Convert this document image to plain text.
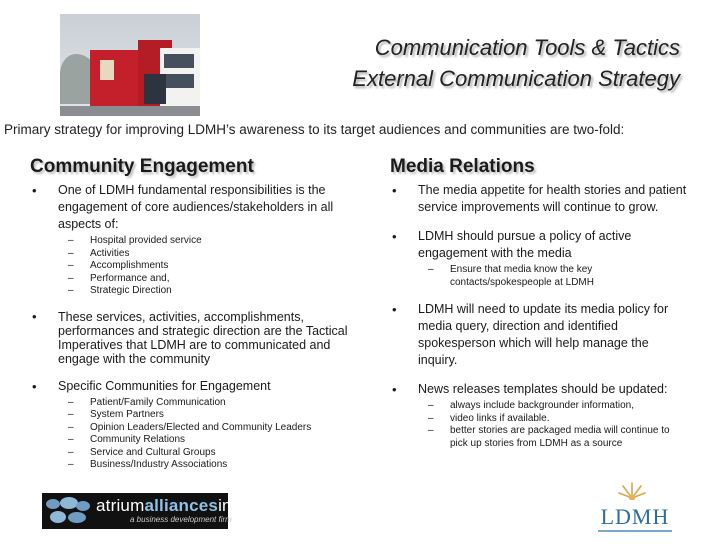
Communication Tools & Tactics
External Communication Strategy
Primary strategy for improving LDMH’s awareness to its target audiences and communities are two-fold:
Community Engagement
• One of LDMH fundamental responsibilities is the engagement of core audiences/stakeholders in all aspects of:
– Hospital provided service
– Activities
– Accomplishments
– Performance and,
– Strategic Direction
• These services, activities, accomplishments, performances and strategic direction are the Tactical Imperatives that LDMH are to communicated and engage with the community
• Specific Communities for Engagement
– Patient/Family Communication
– System Partners
– Opinion Leaders/Elected and Community Leaders
– Community Relations
– Service and Cultural Groups
– Business/Industry Associations
Media Relations
• The media appetite for health stories and patient service improvements will continue to grow.
• LDMH should pursue a policy of active engagement with the media
– Ensure that media know the key contacts/spokespeople at LDMH
• LDMH will need to update its media policy for media query, direction and identified spokesperson which will help manage the inquiry.
• News releases templates should be updated:
– always include backgrounder information,
– video links if available.
– better stories are packaged media will continue to pick up stories from LDMH as a source
atriumalliancesinc
a business development firm	LDMH
